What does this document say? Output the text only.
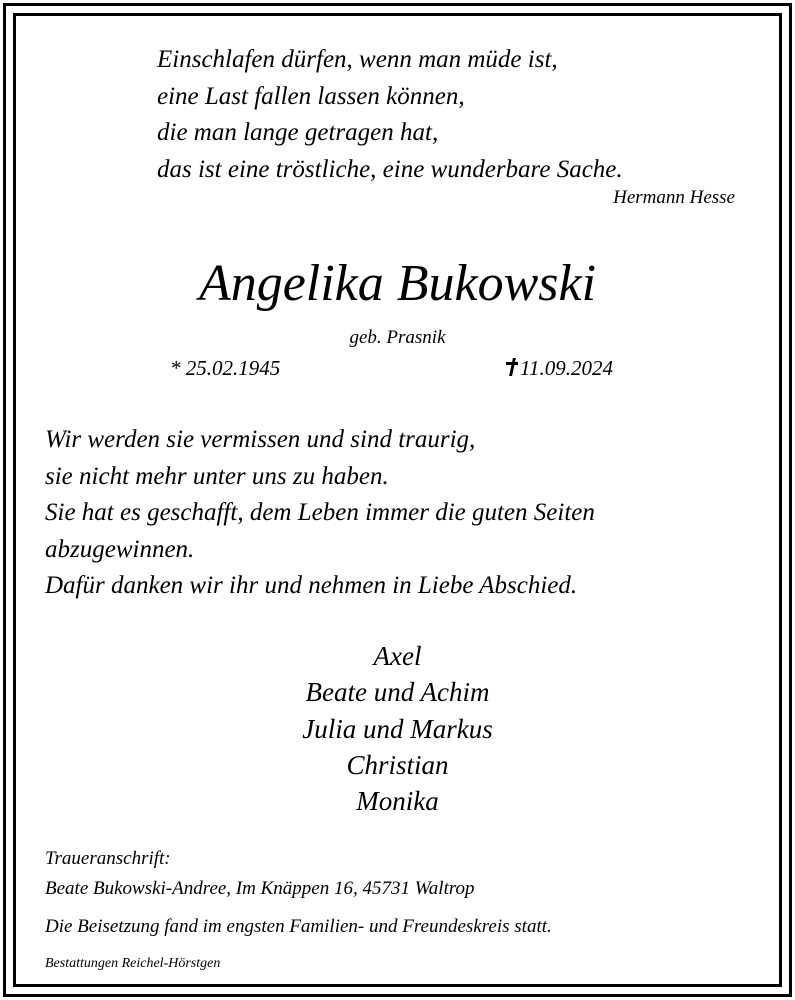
Einschlafen dürfen, wenn man müde ist,
eine Last fallen lassen können,
die man lange getragen hat,
das ist eine tröstliche, eine wunderbare Sache.
Hermann Hesse
Angelika Bukowski
geb. Prasnik
* 25.02.1945	11.09.2024
Wir werden sie vermissen und sind traurig,
sie nicht mehr unter uns zu haben.
Sie hat es geschafft, dem Leben immer die guten Seiten
abzugewinnen.
Dafür danken wir ihr und nehmen in Liebe Abschied.
Axel
Beate und Achim
Julia und Markus
Christian
Monika
Traueranschrift:
Beate Bukowski-Andree, Im Knäppen 16, 45731 Waltrop
Die Beisetzung fand im engsten Familien- und Freundeskreis statt.
Bestattungen Reichel-Hörstgen
